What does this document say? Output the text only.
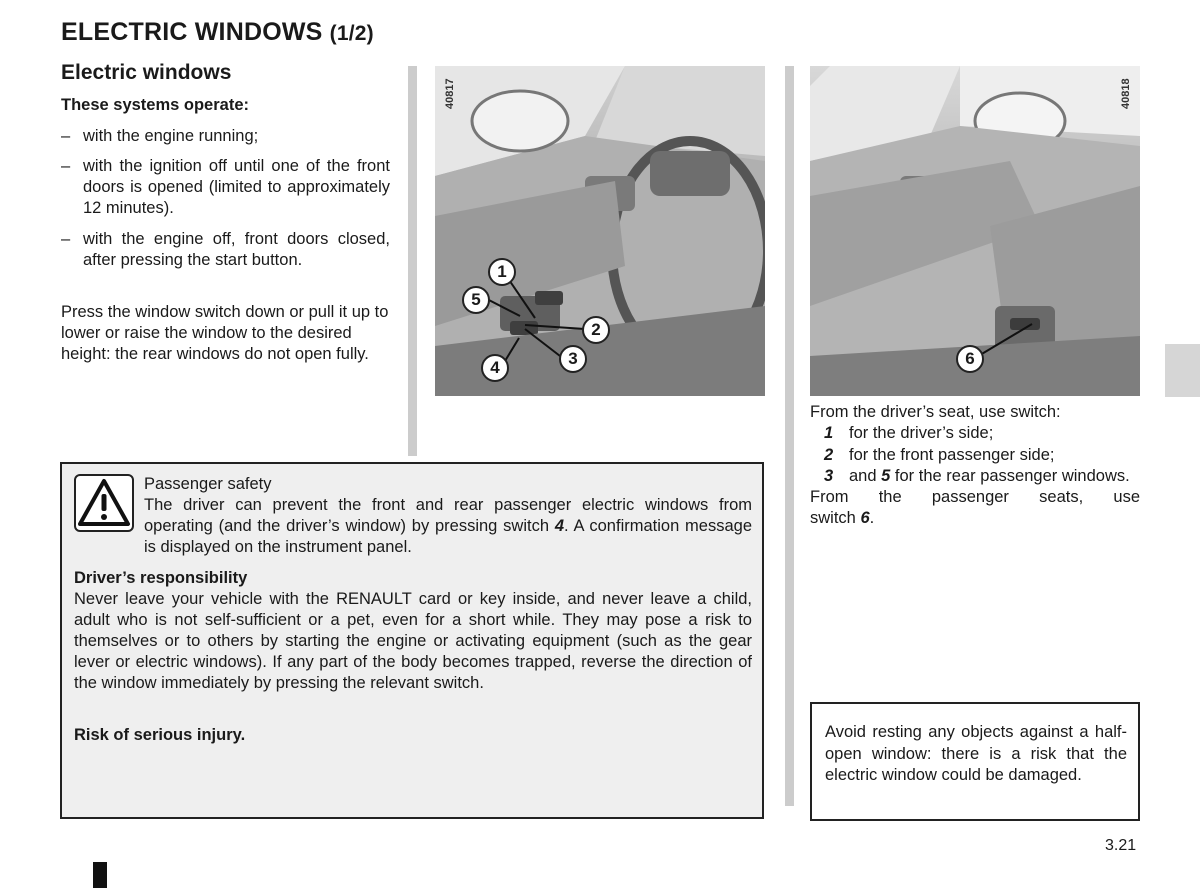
ELECTRIC WINDOWS (1/2)
Electric windows
These systems operate:
– with the engine running;
– with the ignition off until one of the front doors is opened (limited to approximately 12 minutes).
– with the engine off, front doors closed, after pressing the start button.
Press the window switch down or pull it up to lower or raise the window to the desired height: the rear windows do not open fully.
40817
1
2
3
4
5
40818
6
From the driver’s seat, use switch:
1 for the driver’s side;
2 for the front passenger side;
3 and 5 for the rear passenger windows.
From the passenger seats, use
switch 6.
Passenger safety
The driver can prevent the front and rear passenger electric windows from operating (and the driver’s window) by pressing switch 4. A confirmation message is displayed on the instrument panel.
Driver’s responsibility
Never leave your vehicle with the RENAULT card or key inside, and never leave a child, adult who is not self-sufficient or a pet, even for a short while. They may pose a risk to themselves or to others by starting the engine or activating equipment (such as the gear lever or electric windows). If any part of the body becomes trapped, reverse the direction of the window immediately by pressing the relevant switch.
Risk of serious injury.	Avoid resting any objects against a half-open window: there is a risk that the electric window could be damaged.
3.21
